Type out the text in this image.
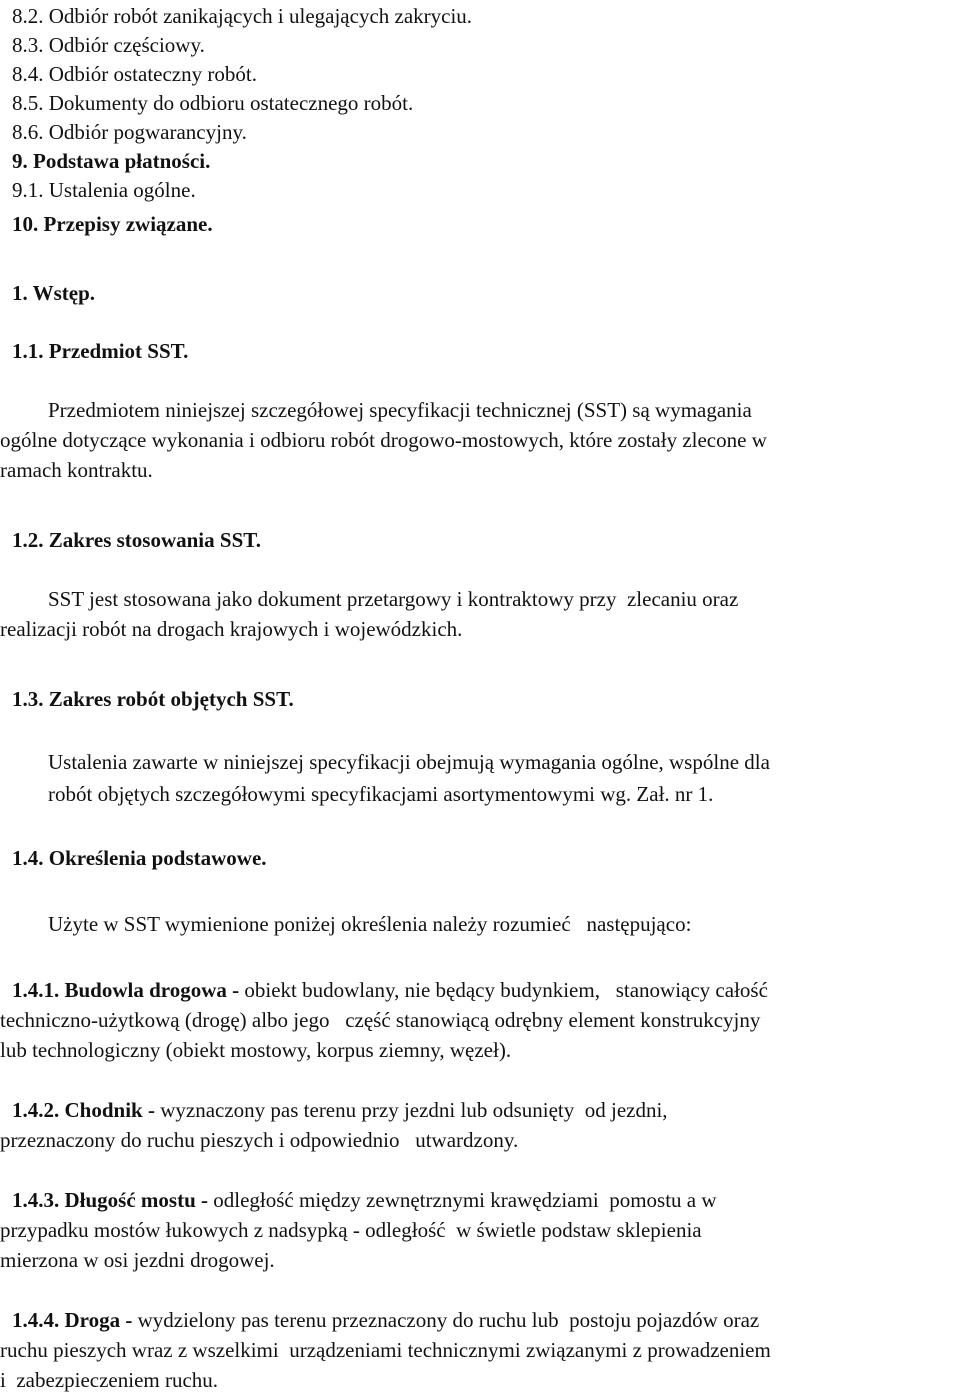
8.2. Odbiór robót zanikających i ulegających zakryciu.
8.3. Odbiór częściowy.
8.4. Odbiór ostateczny robót.
8.5. Dokumenty do odbioru ostatecznego robót.
8.6. Odbiór pogwarancyjny.
9. Podstawa płatności.
9.1. Ustalenia ogólne.
10. Przepisy związane.
1. Wstęp.
1.1. Przedmiot SST.
Przedmiotem niniejszej szczegółowej specyfikacji technicznej (SST) są wymagania
ogólne dotyczące wykonania i odbioru robót drogowo-mostowych, które zostały zlecone w
ramach kontraktu.
1.2. Zakres stosowania SST.
SST jest stosowana jako dokument przetargowy i kontraktowy przy  zlecaniu oraz
realizacji robót na drogach krajowych i wojewódzkich.
1.3. Zakres robót objętych SST.
Ustalenia zawarte w niniejszej specyfikacji obejmują wymagania ogólne, wspólne dla
robót objętych szczegółowymi specyfikacjami asortymentowymi wg. Zał. nr 1.
1.4. Określenia podstawowe.
Użyte w SST wymienione poniżej określenia należy rozumieć   następująco:
1.4.1. Budowla drogowa - obiekt budowlany, nie będący budynkiem,   stanowiący całość
techniczno-użytkową (drogę) albo jego   część stanowiącą odrębny element konstrukcyjny
lub technologiczny (obiekt mostowy, korpus ziemny, węzeł).
1.4.2. Chodnik - wyznaczony pas terenu przy jezdni lub odsunięty  od jezdni,
przeznaczony do ruchu pieszych i odpowiednio   utwardzony.
1.4.3. Długość mostu - odległość między zewnętrznymi krawędziami  pomostu a w
przypadku mostów łukowych z nadsypką - odległość  w świetle podstaw sklepienia
mierzona w osi jezdni drogowej.
1.4.4. Droga - wydzielony pas terenu przeznaczony do ruchu lub  postoju pojazdów oraz
ruchu pieszych wraz z wszelkimi  urządzeniami technicznymi związanymi z prowadzeniem
i  zabezpieczeniem ruchu.
